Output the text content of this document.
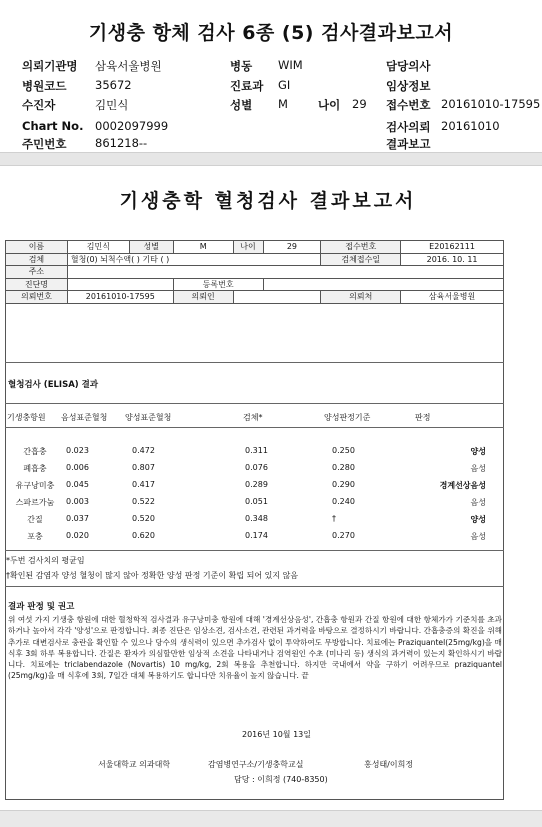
기생충 항체 검사 6종 (5) 검사결과보고서
의뢰기관명 삼육서울병원	병동 WIM	담당의사
병원코드 35672	진료과 GI	임상정보
수진자	김민식	성별 M	나이 29 접수번호 20161010-17595
Chart No. 0002097999	검사의뢰 20161010
주민번호 861218--	결과보고
기생충학 혈청검사 결과보고서
이름	김민식	성별	M	나이	29	접수번호	E20162111
검체	혈청(0) 뇌척수액( ) 기타 ( )					검체접수일	2016. 10. 11
주소							
진단명			등록번호				
의뢰번호	20161010-17595		의뢰인			의뢰처	삼육서울병원
혈청검사 (ELISA) 결과
기생충항원 음성표준혈청 양성표준혈청	검체*	양성판정기준	판정
간흡충	0.023	0.472	0.311	0.250	양성
폐흡충	0.006	0.807	0.076	0.280	음성
유구낭미충	0.045	0.417	0.289	0.290	경계선상음성
스파르가눔	0.003	0.522	0.051	0.240	음성
간질	0.037	0.520	0.348	†	양성
포충	0.020	0.620	0.174	0.270	음성
*두번 검사치의 평균임
†확인된 감염자 양성 혈청이 많지 않아 정확한 양성 판정 기준이 확립 되어 있지 않음
결과 판정 및 권고
위 여섯 가지 기생충 항원에 대한 혈청학적 검사결과 유구낭미충 항원에 대해 '경계선상음성', 간흡충 항원과 간질 항원에 대한 항체가가 기준치를 초과하거나 높아서 각각 '양성'으로 판정합니다. 최종 진단은 임상소견, 검사소견, 관련된 과거력을 바탕으로 결정하시기 바랍니다. 간흡충증의 확진을 위해 추가로 대변검사로 충란을 확인할 수 있으나 당수의 생식력이 있으면 추가검사 없이 투약하여도 무방합니다. 치료에는 Praziquantel(25mg/kg)을 매식후 3회 하루 복용합니다. 간질은 환자가 의심할만한 임상적 소견을 나타내거나 검역원인 수초 (미나리 등) 생식의 과거력이 있는지 확인하시기 바랍니다. 치료에는 triclabendazole (Novartis) 10 mg/kg, 2회 복용을 추천합니다. 하지만 국내에서 약을 구하기 어려우므로 praziquantel (25mg/kg)을 매 식후에 3회, 7일간 대체 복용하기도 합니다만 치유율이 높지 않습니다. 끝
2016년 10월 13일
서울대학교 의과대학	감염병연구소/기생충학교실	홍성태/이희정
담당 : 이희정 (740-8350)
